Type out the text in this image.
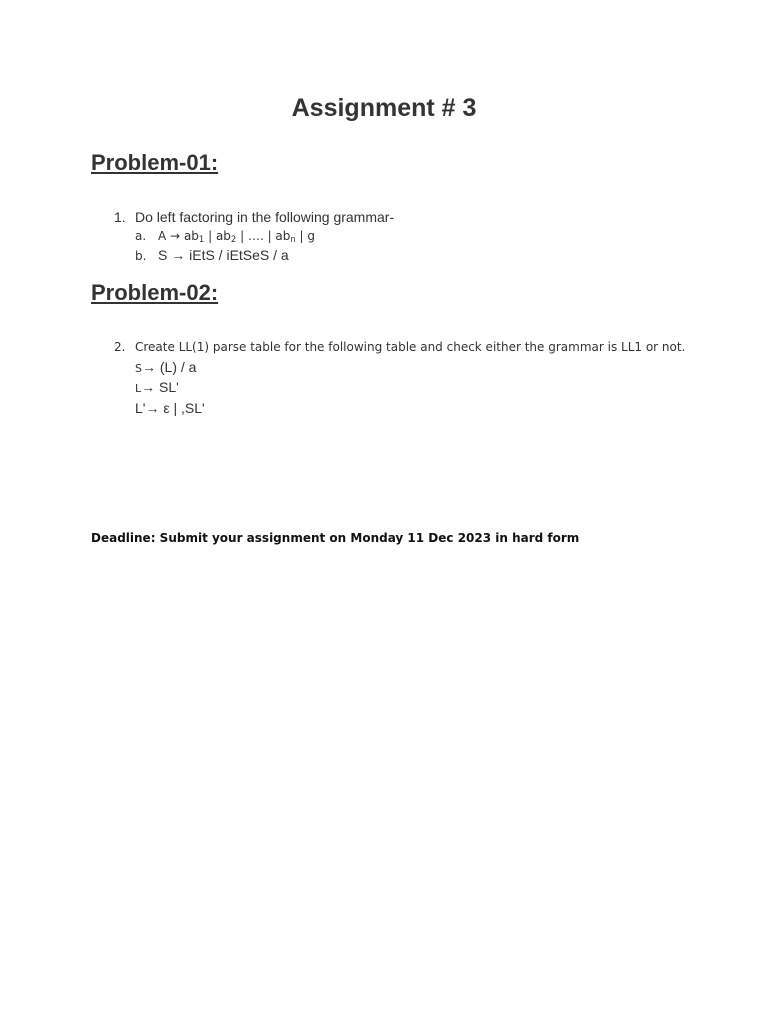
Assignment # 3
Problem-01:
1. Do left factoring in the following grammar-
a. $A \to ab_1$ | $ab_2$ | …. | $ab_n$ | g
b. S → iEtS / iEtSeS / a
Problem-02:
2. Create LL(1) parse table for the following table and check either the grammar is LL1 or not.
S→ (L) / a
L→ SL'
L'→ ε | ,SL'
Deadline: Submit your assignment on Monday 11 Dec 2023 in hard form
